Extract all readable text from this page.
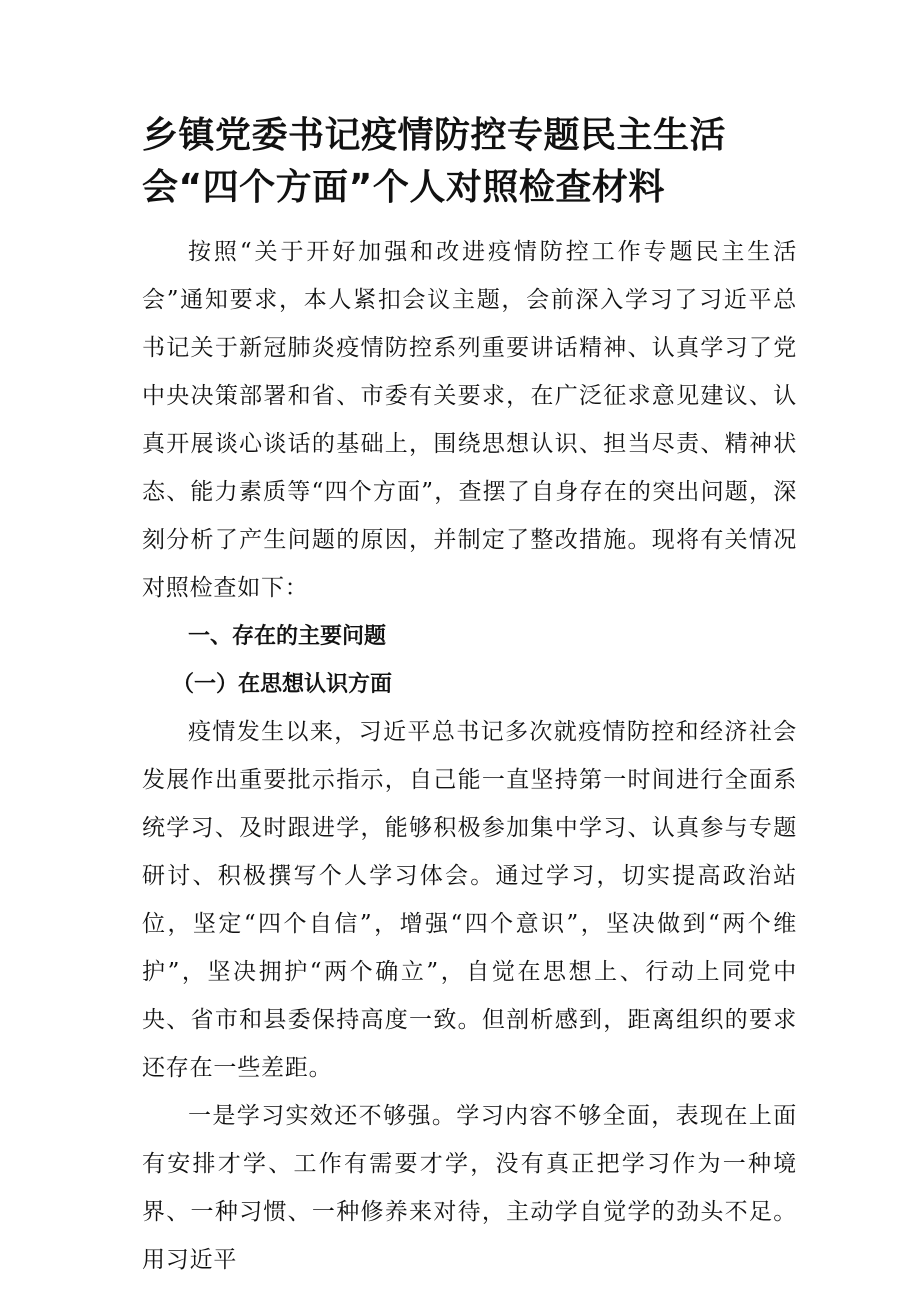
乡镇党委书记疫情防控专题民主生活会“四个方面”个人对照检查材料

按照“关于开好加强和改进疫情防控工作专题民主生活会”通知要求，本人紧扣会议主题，会前深入学习了习近平总书记关于新冠肺炎疫情防控系列重要讲话精神、认真学习了党中央决策部署和省、市委有关要求，在广泛征求意见建议、认真开展谈心谈话的基础上，围绕思想认识、担当尽责、精神状态、能力素质等“四个方面”，查摆了自身存在的突出问题，深刻分析了产生问题的原因，并制定了整改措施。现将有关情况对照检查如下：

一、存在的主要问题

（一）在思想认识方面

疫情发生以来，习近平总书记多次就疫情防控和经济社会发展作出重要批示指示，自己能一直坚持第一时间进行全面系统学习、及时跟进学，能够积极参加集中学习、认真参与专题研讨、积极撰写个人学习体会。通过学习，切实提高政治站位，坚定“四个自信”，增强“四个意识”，坚决做到“两个维护”，坚决拥护“两个确立”，自觉在思想上、行动上同党中央、省市和县委保持高度一致。但剖析感到，距离组织的要求还存在一些差距。

一是学习实效还不够强。学习内容不够全面，表现在上面有安排才学、工作有需要才学，没有真正把学习作为一种境界、一种习惯、一种修养来对待，主动学自觉学的劲头不足。用习近平
